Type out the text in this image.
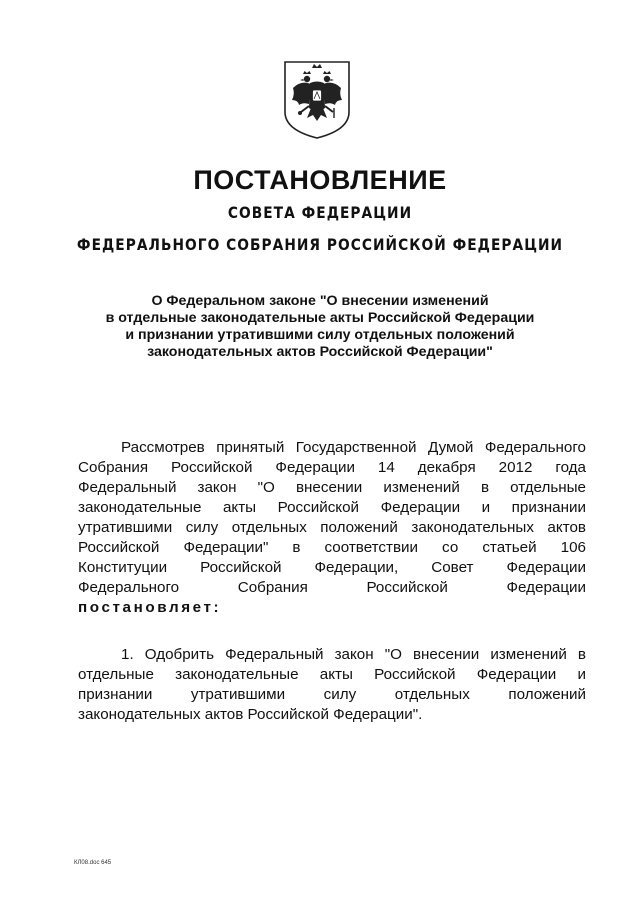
ПОСТАНОВЛЕНИЕ
СОВЕТА ФЕДЕРАЦИИ
ФЕДЕРАЛЬНОГО СОБРАНИЯ РОССИЙСКОЙ ФЕДЕРАЦИИ
О Федеральном законе "О внесении изменений
в отдельные законодательные акты Российской Федерации
и признании утратившими силу отдельных положений
законодательных актов Российской Федерации"
Рассмотрев принятый Государственной Думой Федерального
Собрания Российской Федерации 14 декабря 2012 года
Федеральный закон "О внесении изменений в отдельные
законодательные акты Российской Федерации и признании
утратившими силу отдельных положений законодательных актов
Российской Федерации" в соответствии со статьей 106
Конституции Российской Федерации, Совет Федерации
Федерального Собрания Российской Федерации
постановляет:
1. Одобрить Федеральный закон "О внесении изменений в
отдельные законодательные акты Российской Федерации и
признании утратившими силу отдельных положений
законодательных актов Российской Федерации".
КЛ08.doc 645
